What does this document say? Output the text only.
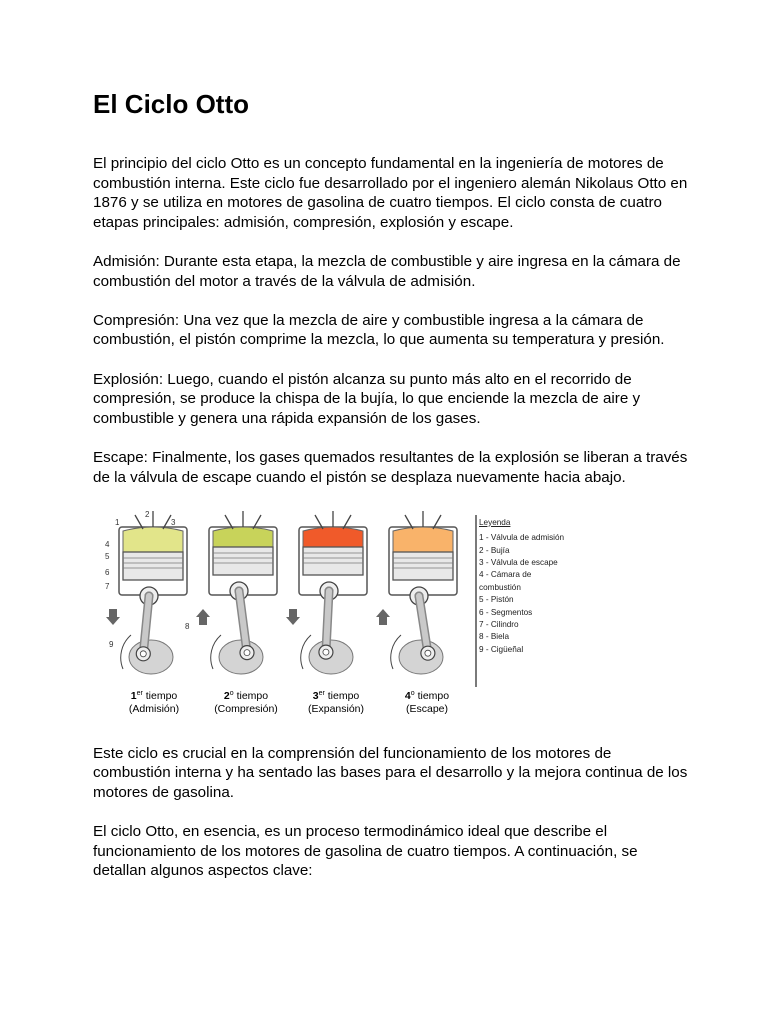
El Ciclo Otto

El principio del ciclo Otto es un concepto fundamental en la ingeniería de motores de combustión interna. Este ciclo fue desarrollado por el ingeniero alemán Nikolaus Otto en 1876 y se utiliza en motores de gasolina de cuatro tiempos. El ciclo consta de cuatro etapas principales: admisión, compresión, explosión y escape.

Admisión: Durante esta etapa, la mezcla de combustible y aire ingresa en la cámara de combustión del motor a través de la válvula de admisión.

Compresión: Una vez que la mezcla de aire y combustible ingresa a la cámara de combustión, el pistón comprime la mezcla, lo que aumenta su temperatura y presión.

Explosión: Luego, cuando el pistón alcanza su punto más alto en el recorrido de compresión, se produce la chispa de la bujía, lo que enciende la mezcla de aire y combustible y genera una rápida expansión de los gases.

Escape: Finalmente, los gases quemados resultantes de la explosión se liberan a través de la válvula de escape cuando el pistón se desplaza nuevamente hacia abajo.

1
2
3
4
5
6
7
8
9
Leyenda
1 - Válvula de admisión
2 - Bujía
3 - Válvula de escape
4 - Cámara de combustión
5 - Pistón
6 - Segmentos
7 - Cilindro
8 - Biela
9 - Cigüeñal
1er tiempo
(Admisión)
2$^o$ tiempo
(Compresión)
3er tiempo
(Expansión)
4$^o$ tiempo
(Escape)

Este ciclo es crucial en la comprensión del funcionamiento de los motores de combustión interna y ha sentado las bases para el desarrollo y la mejora continua de los motores de gasolina.

El ciclo Otto, en esencia, es un proceso termodinámico ideal que describe el funcionamiento de los motores de gasolina de cuatro tiempos. A continuación, se detallan algunos aspectos clave:
